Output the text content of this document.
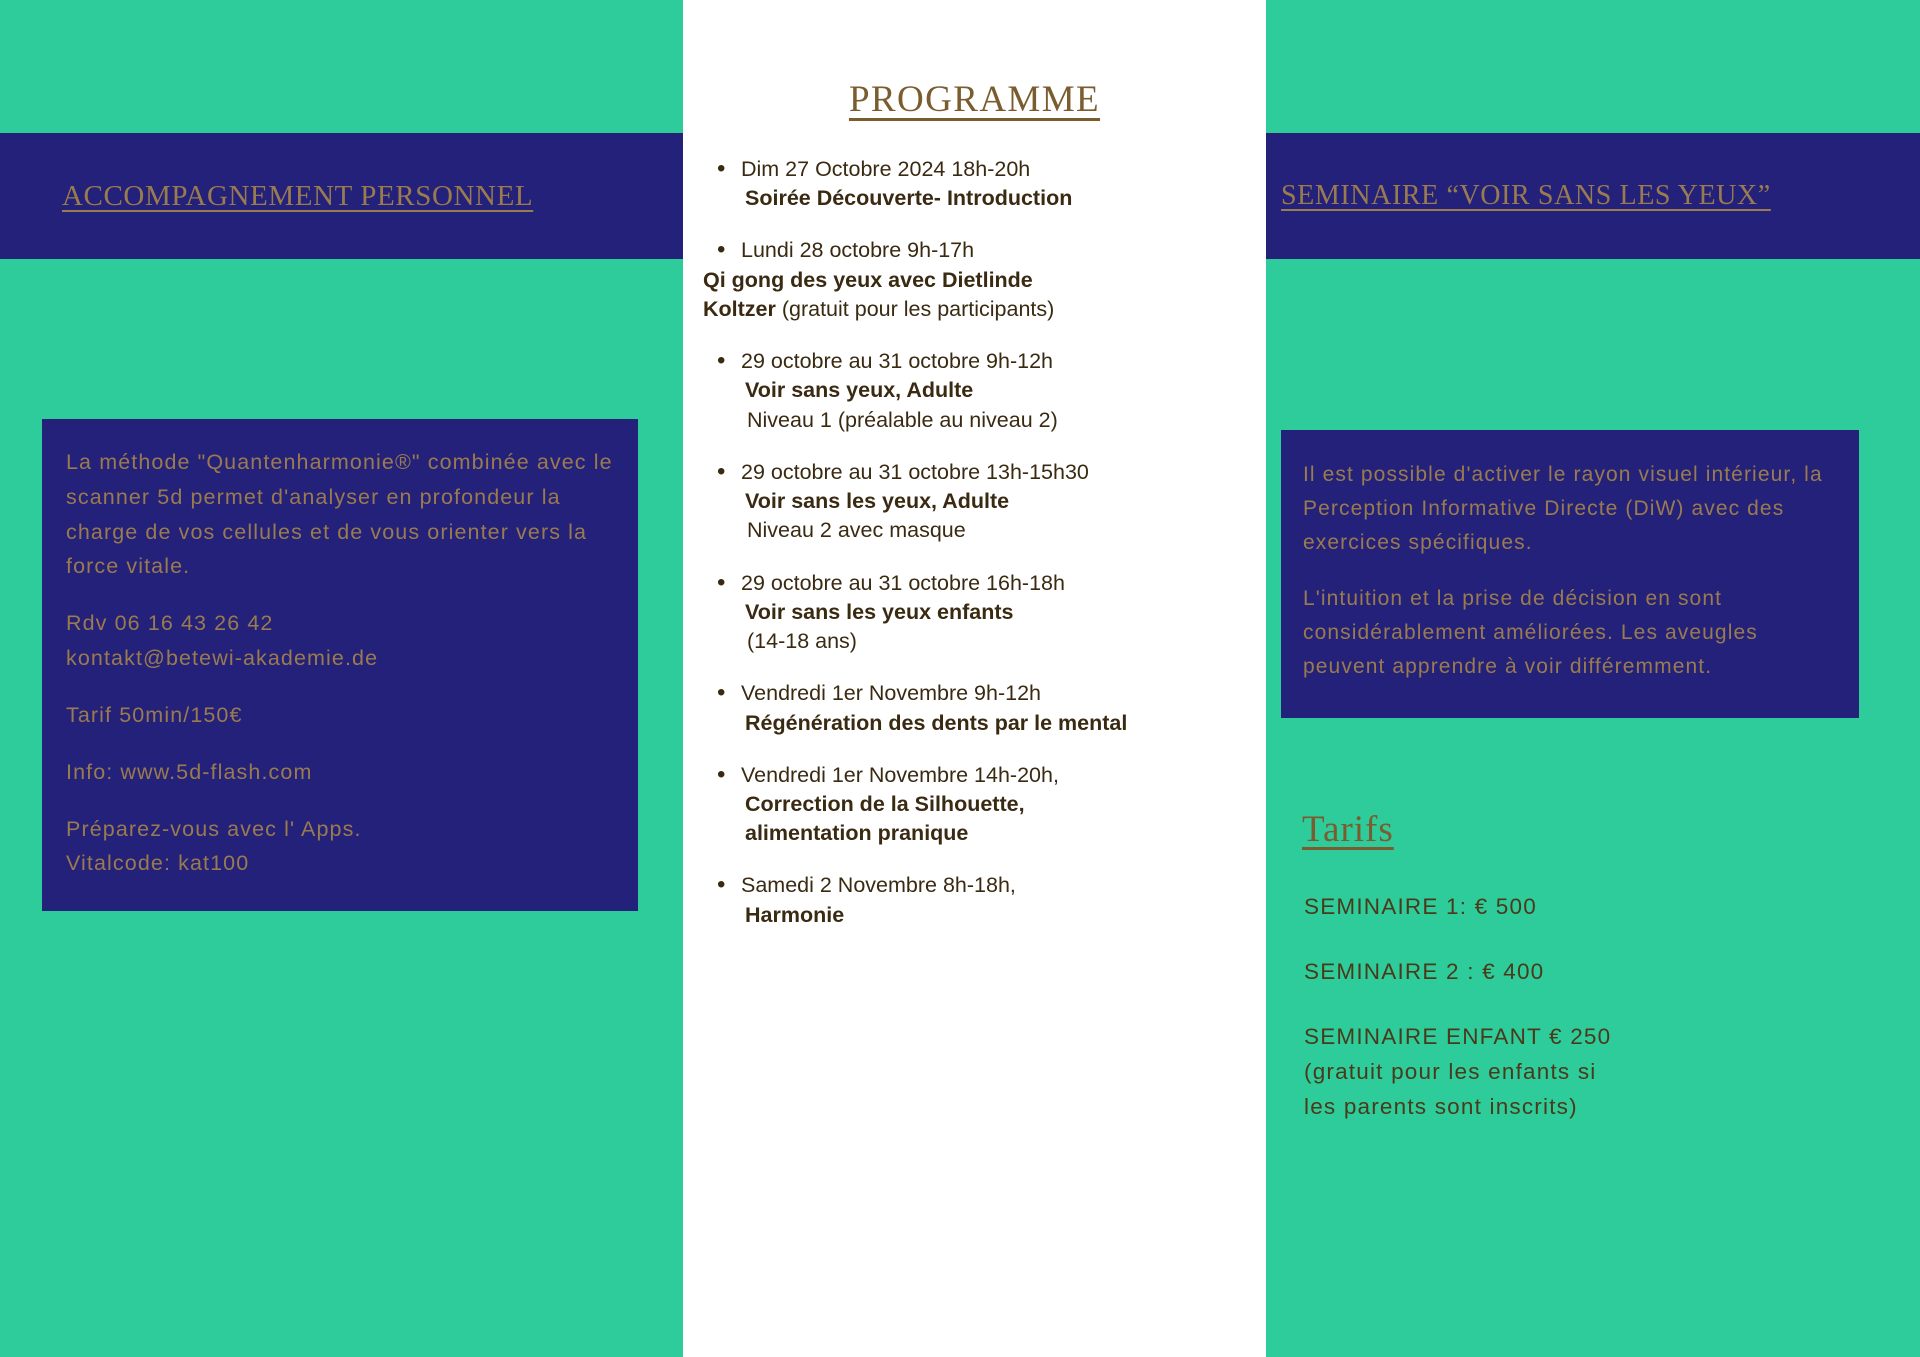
ACCOMPAGNEMENT PERSONNEL

La méthode "Quantenharmonie®" combinée avec le scanner 5d permet d'analyser en profondeur la charge de vos cellules et de vous orienter vers la force vitale.

Rdv 06 16 43 26 42

kontakt@betewi-akademie.de

Tarif 50min/150€

Info: www.5d-flash.com

Préparez-vous avec l' Apps.

Vitalcode: kat100

PROGRAMME
• Dim 27 Octobre 2024 18h-20h
Soirée Découverte- Introduction
• Lundi 28 octobre 9h-17h
Qi gong des yeux avec Dietlinde
Koltzer (gratuit pour les participants)
• 29 octobre au 31 octobre 9h-12h
Voir sans yeux, Adulte
Niveau 1 (préalable au niveau 2)
• 29 octobre au 31 octobre 13h-15h30
Voir sans les yeux, Adulte
Niveau 2 avec masque
• 29 octobre au 31 octobre 16h-18h
Voir sans les yeux enfants
(14-18 ans)
• Vendredi 1er Novembre 9h-12h
Régénération des dents par le mental
• Vendredi 1er Novembre 14h-20h,
Correction de la Silhouette,
alimentation pranique
• Samedi 2 Novembre 8h-18h,
Harmonie
SEMINAIRE “VOIR SANS LES YEUX”

Il est possible d'activer le rayon visuel intérieur, la Perception Informative Directe (DiW) avec des exercices spécifiques.

L'intuition et la prise de décision en sont considérablement améliorées. Les aveugles peuvent apprendre à voir différemment.

Tarifs
SEMINAIRE 1: € 500
SEMINAIRE 2 : € 400
SEMINAIRE ENFANT € 250
(gratuit pour les enfants si
les parents sont inscrits)
